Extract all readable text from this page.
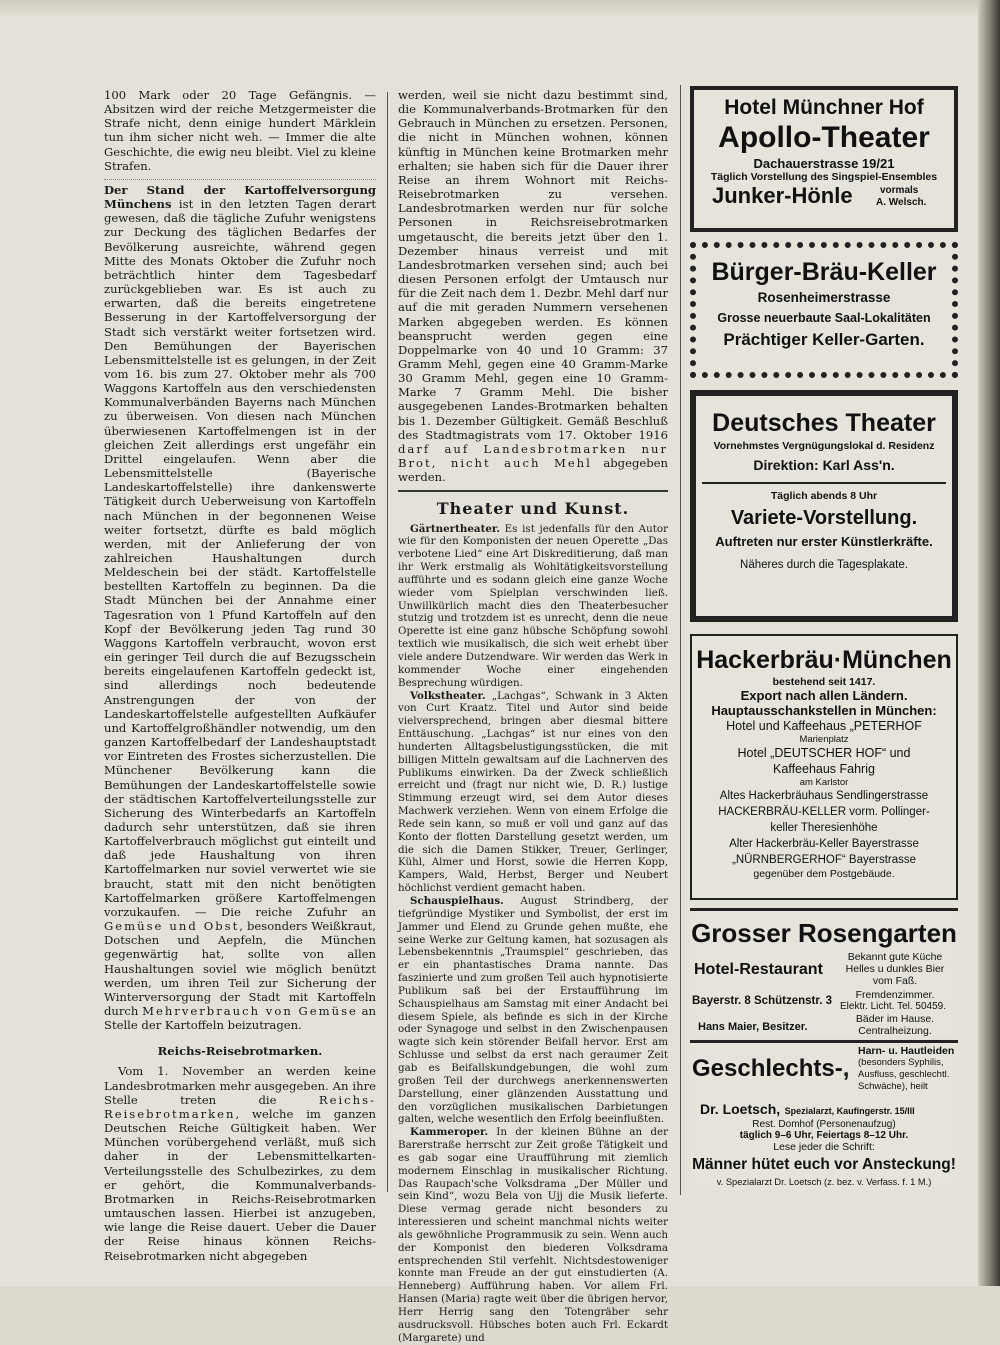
100 Mark oder 20 Tage Gefängnis. — Absitzen wird der reiche Metzgermeister die Strafe nicht, denn einige hundert Märklein tun ihm sicher nicht weh. — Immer die alte Geschichte, die ewig neu bleibt. Viel zu kleine Strafen.

Der Stand der Kartoffelversorgung Münchens ist in den letzten Tagen derart gewesen, daß die tägliche Zufuhr wenigstens zur Deckung des täglichen Bedarfes der Bevölkerung ausreichte, während gegen Mitte des Monats Oktober die Zufuhr noch beträchtlich hinter dem Tagesbedarf zurückgeblieben war. Es ist auch zu erwarten, daß die bereits eingetretene Besserung in der Kartoffelversorgung der Stadt sich verstärkt weiter fortsetzen wird. Den Bemühungen der Bayerischen Lebensmittelstelle ist es gelungen, in der Zeit vom 16. bis zum 27. Oktober mehr als 700 Waggons Kartoffeln aus den verschiedensten Kommunalverbänden Bayerns nach München zu überweisen. Von diesen nach München überwiesenen Kartoffelmengen ist in der gleichen Zeit allerdings erst ungefähr ein Drittel eingelaufen. Wenn aber die Lebensmittelstelle (Bayerische Landeskartoffelstelle) ihre dankenswerte Tätigkeit durch Ueberweisung von Kartoffeln nach München in der begonnenen Weise weiter fortsetzt, dürfte es bald möglich werden, mit der Anlieferung der von zahlreichen Haushaltungen durch Meldeschein bei der städt. Kartoffelstelle bestellten Kartoffeln zu beginnen. Da die Stadt München bei der Annahme einer Tagesration von 1 Pfund Kartoffeln auf den Kopf der Bevölkerung jeden Tag rund 30 Waggons Kartoffeln verbraucht, wovon erst ein geringer Teil durch die auf Bezugsschein bereits eingelaufenen Kartoffeln gedeckt ist, sind allerdings noch bedeutende Anstrengungen der von der Landeskartoffelstelle aufgestellten Aufkäufer und Kartoffelgroßhändler notwendig, um den ganzen Kartoffelbedarf der Landeshauptstadt vor Eintreten des Frostes sicherzustellen. Die Münchener Bevölkerung kann die Bemühungen der Landeskartoffelstelle sowie der städtischen Kartoffelverteilungsstelle zur Sicherung des Winterbedarfs an Kartoffeln dadurch sehr unterstützen, daß sie ihren Kartoffelverbrauch möglichst gut einteilt und daß jede Haushaltung von ihren Kartoffelmarken nur soviel verwertet wie sie braucht, statt mit den nicht benötigten Kartoffelmarken größere Kartoffelmengen vorzukaufen. — Die reiche Zufuhr an Gemüse und Obst, besonders Weißkraut, Dotschen und Aepfeln, die München gegenwärtig hat, sollte von allen Haushaltungen soviel wie möglich benützt werden, um ihren Teil zur Sicherung der Winterversorgung der Stadt mit Kartoffeln durch Mehrverbrauch von Gemüse an Stelle der Kartoffeln beizutragen.

Reichs-Reisebrotmarken.

Vom 1. November an werden keine Landesbrotmarken mehr ausgegeben. An ihre Stelle treten die Reichs-Reisebrotmarken, welche im ganzen Deutschen Reiche Gültigkeit haben. Wer München vorübergehend verläßt, muß sich daher in der Lebensmittelkarten-Verteilungsstelle des Schulbezirkes, zu dem er gehört, die Kommunalverbands-Brotmarken in Reichs-Reisebrotmarken umtauschen lassen. Hierbei ist anzugeben, wie lange die Reise dauert. Ueber die Dauer der Reise hinaus können Reichs-Reisebrotmarken nicht abgegeben

werden, weil sie nicht dazu bestimmt sind, die Kommunalverbands-Brotmarken für den Gebrauch in München zu ersetzen. Personen, die nicht in München wohnen, können künftig in München keine Brotmarken mehr erhalten; sie haben sich für die Dauer ihrer Reise an ihrem Wohnort mit Reichs-Reisebrotmarken zu versehen. Landesbrotmarken werden nur für solche Personen in Reichsreisebrotmarken umgetauscht, die bereits jetzt über den 1. Dezember hinaus verreist und mit Landesbrotmarken versehen sind; auch bei diesen Personen erfolgt der Umtausch nur für die Zeit nach dem 1. Dezbr. Mehl darf nur auf die mit geraden Nummern versehenen Marken abgegeben werden. Es können beansprucht werden gegen eine Doppelmarke von 40 und 10 Gramm: 37 Gramm Mehl, gegen eine 40 Gramm-Marke 30 Gramm Mehl, gegen eine 10 Gramm-Marke 7 Gramm Mehl. Die bisher ausgegebenen Landes-Brotmarken behalten bis 1. Dezember Gültigkeit. Gemäß Beschluß des Stadtmagistrats vom 17. Oktober 1916 darf auf Landesbrotmarken nur Brot, nicht auch Mehl abgegeben werden.

Theater und Kunst.

Gärtnertheater. Es ist jedenfalls für den Autor wie für den Komponisten der neuen Operette „Das verbotene Lied“ eine Art Diskreditierung, daß man ihr Werk erstmalig als Wohltätigkeitsvorstellung aufführte und es sodann gleich eine ganze Woche wieder vom Spielplan verschwinden ließ. Unwillkürlich macht dies den Theaterbesucher stutzig und trotzdem ist es unrecht, denn die neue Operette ist eine ganz hübsche Schöpfung sowohl textlich wie musikalisch, die sich weit erhebt über viele andere Dutzendware. Wir werden das Werk in kommender Woche einer eingehenden Besprechung würdigen.

Volkstheater. „Lachgas“, Schwank in 3 Akten von Curt Kraatz. Titel und Autor sind beide vielversprechend, bringen aber diesmal bittere Enttäuschung. „Lachgas“ ist nur eines von den hunderten Alltagsbelustigungsstücken, die mit billigen Mitteln gewaltsam auf die Lachnerven des Publikums einwirken. Da der Zweck schließlich erreicht und (fragt nur nicht wie, D. R.) lustige Stimmung erzeugt wird, sei dem Autor dieses Machwerk verziehen. Wenn von einem Erfolge die Rede sein kann, so muß er voll und ganz auf das Konto der flotten Darstellung gesetzt werden, um die sich die Damen Stikker, Treuer, Gerlinger, Kühl, Almer und Horst, sowie die Herren Kopp, Kampers, Wald, Herbst, Berger und Neubert höchlichst verdient gemacht haben.

Schauspielhaus. August Strindberg, der tiefgründige Mystiker und Symbolist, der erst im Jammer und Elend zu Grunde gehen mußte, ehe seine Werke zur Geltung kamen, hat sozusagen als Lebensbekenntnis „Traumspiel“ geschrieben, das er ein phantastisches Drama nannte. Das faszinierte und zum großen Teil auch hypnotisierte Publikum saß bei der Erstaufführung im Schauspielhaus am Samstag mit einer Andacht bei diesem Spiele, als befinde es sich in der Kirche oder Synagoge und selbst in den Zwischenpausen wagte sich kein störender Beifall hervor. Erst am Schlusse und selbst da erst nach geraumer Zeit gab es Beifallskundgebungen, die wohl zum großen Teil der durchwegs anerkennenswerten Darstellung, einer glänzenden Ausstattung und den vorzüglichen musikalischen Darbietungen galten, welche wesentlich den Erfolg beeinflußten.

Kammeroper. In der kleinen Bühne an der Barerstraße herrscht zur Zeit große Tätigkeit und es gab sogar eine Uraufführung mit ziemlich modernem Einschlag in musikalischer Richtung. Das Raupach'sche Volksdrama „Der Müller und sein Kind“, wozu Bela von Ujj die Musik lieferte. Diese vermag gerade nicht besonders zu interessieren und scheint manchmal nichts weiter als gewöhnliche Programmusik zu sein. Wenn auch der Komponist den biederen Volksdrama entsprechenden Stil verfehlt. Nichtsdestoweniger konnte man Freude an der gut einstudierten (A. Henneberg) Aufführung haben. Vor allem Frl. Hansen (Maria) ragte weit über die übrigen hervor, Herr Herrig sang den Totengräber sehr ausdrucksvoll. Hübsches boten auch Frl. Eckardt (Margarete) und

Hotel Münchner Hof
Apollo-Theater
Dachauerstrasse 19/21
Täglich Vorstellung des Singspiel-Ensembles
Junker-Hönle	vormals
A. Welsch.
Bürger-Bräu-Keller
Rosenheimerstrasse
Grosse neuerbaute Saal-Lokalitäten
Prächtiger Keller-Garten.
Deutsches Theater
Vornehmstes Vergnügungslokal d. Residenz
Direktion: Karl Ass'n.
Täglich abends 8 Uhr
Variete-Vorstellung.
Auftreten nur erster Künstlerkräfte.
Näheres durch die Tagesplakate.
Hackerbräu·München
bestehend seit 1417.
Export nach allen Ländern.
Hauptausschankstellen in München:
Hotel und Kaffeehaus „PETERHOF
Marienplatz
Hotel „DEUTSCHER HOF“ und
Kaffeehaus Fahrig
am Karlstor
Altes Hackerbräuhaus Sendlingerstrasse
HACKERBRÄU-KELLER vorm. Pollinger-
keller Theresienhöhe
Alter Hackerbräu-Keller Bayerstrasse
„NÜRNBERGERHOF“ Bayerstrasse
gegenüber dem Postgebäude.
Grosser Rosengarten
Hotel-Restaurant
Bekannt gute Küche
Helles u dunkles Bier
vom Faß.
Fremdenzimmer.
Bayerstr. 8 Schützenstr. 3 Elektr. Licht. Tel. 50459.
Hans Maier, Besitzer.
Bäder im Hause.
Centralheizung.
Geschlechts-,
Harn- u. Hautleiden
(besonders Syphilis,
Ausfluss, geschlechtl.
Schwäche), heilt
Dr. Loetsch, Spezialarzt, Kaufingerstr. 15/III
Rest. Domhof (Personenaufzug)
täglich 9–6 Uhr, Feiertags 8–12 Uhr.
Lese jeder die Schrift:
Männer hütet euch vor Ansteckung!
v. Spezialarzt Dr. Loetsch (z. bez. v. Verfass. f. 1 M.)
